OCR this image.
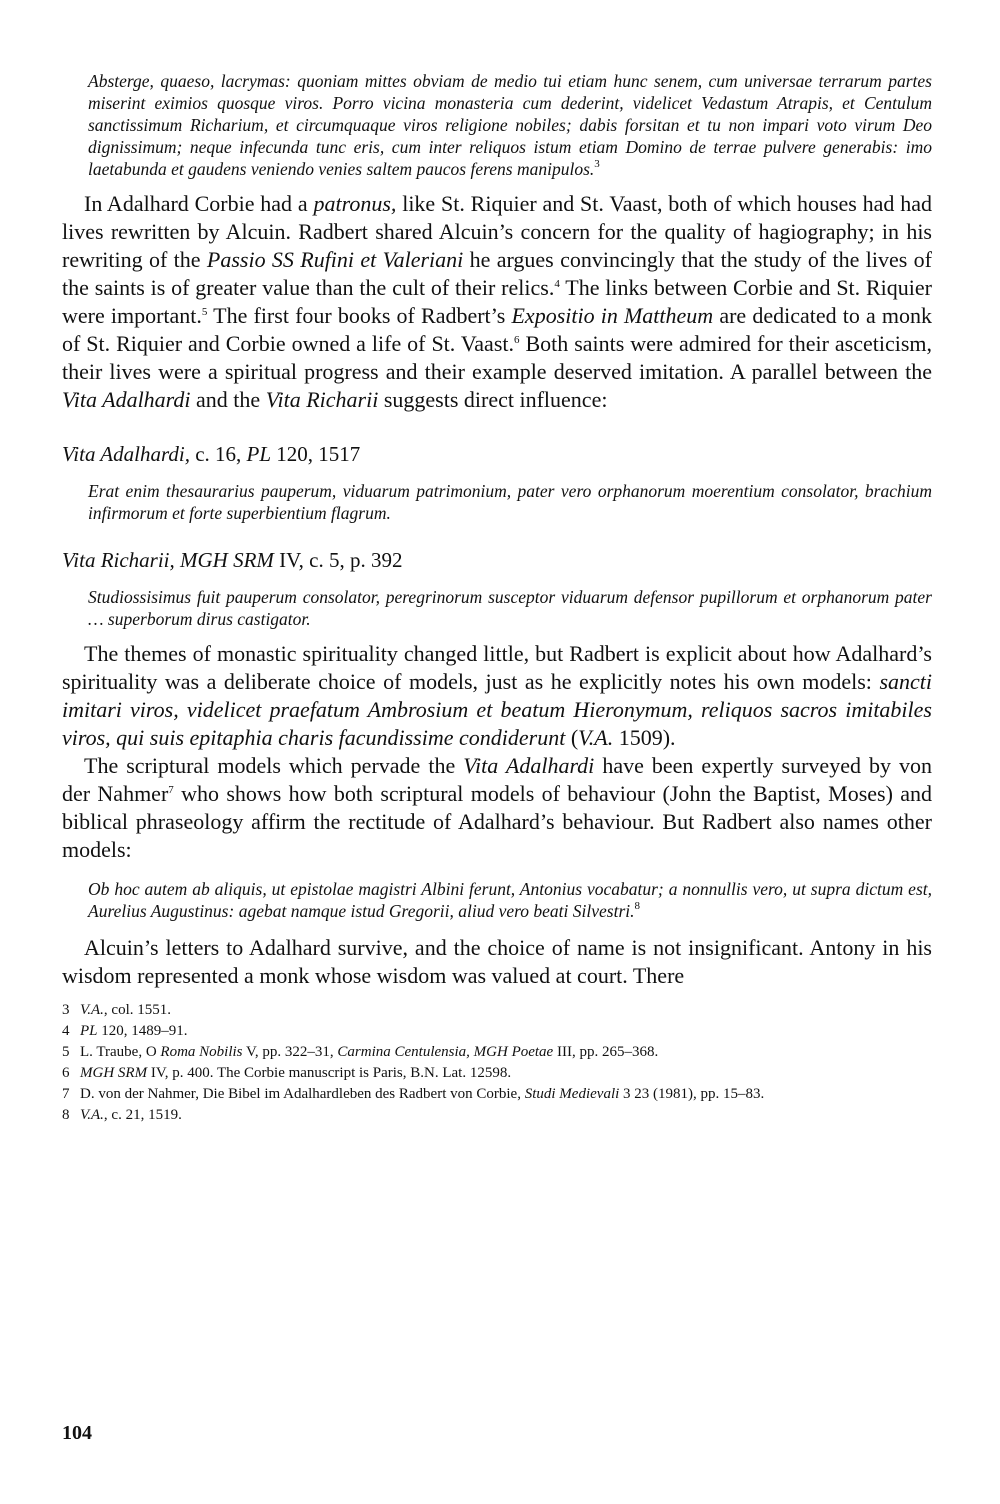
Absterge, quaeso, lacrymas: quoniam mittes obviam de medio tui etiam hunc senem, cum universae terrarum partes miserint eximios quosque viros. Porro vicina monasteria cum dederint, videlicet Vedastum Atrapis, et Centulum sanctissimum Richarium, et circumquaque viros religione nobiles; dabis forsitan et tu non impari voto virum Deo dignissimum; neque infecunda tunc eris, cum inter reliquos istum etiam Domino de terrae pulvere generabis: imo laetabunda et gaudens veniendo venies saltem paucos ferens manipulos.$^3$

In Adalhard Corbie had a patronus, like St. Riquier and St. Vaast, both of which houses had had lives rewritten by Alcuin. Radbert shared Alcuin’s concern for the quality of hagiography; in his rewriting of the Passio SS Rufini et Valeriani he argues convincingly that the study of the lives of the saints is of greater value than the cult of their relics.$^4$ The links between Corbie and St. Riquier were important.$^5$ The first four books of Radbert’s Expositio in Mattheum are dedicated to a monk of St. Riquier and Corbie owned a life of St. Vaast.$^6$ Both saints were admired for their asceticism, their lives were a spiritual progress and their example deserved imitation. A parallel between the Vita Adalhardi and the Vita Richarii suggests direct influence:

Vita Adalhardi, c. 16, PL 120, 1517

Erat enim thesaurarius pauperum, viduarum patrimonium, pater vero orphanorum moerentium consolator, brachium infirmorum et forte superbientium flagrum.

Vita Richarii, MGH SRM IV, c. 5, p. 392

Studiossisimus fuit pauperum consolator, peregrinorum susceptor viduarum defensor pupillorum et orphanorum pater … superborum dirus castigator.

The themes of monastic spirituality changed little, but Radbert is explicit about how Adalhard’s spirituality was a deliberate choice of models, just as he explicitly notes his own models: sancti imitari viros, videlicet praefatum Ambrosium et beatum Hieronymum, reliquos sacros imitabiles viros, qui suis epitaphia charis facundissime condiderunt (V.A. 1509).

The scriptural models which pervade the Vita Adalhardi have been expertly surveyed by von der Nahmer$^7$ who shows how both scriptural models of behaviour (John the Baptist, Moses) and biblical phraseology affirm the rectitude of Adalhard’s behaviour. But Radbert also names other models:

Ob hoc autem ab aliquis, ut epistolae magistri Albini ferunt, Antonius vocabatur; a nonnullis vero, ut supra dictum est, Aurelius Augustinus: agebat namque istud Gregorii, aliud vero beati Silvestri.$^8$

Alcuin’s letters to Adalhard survive, and the choice of name is not insignificant. Antony in his wisdom represented a monk whose wisdom was valued at court. There

3 V.A., col. 1551.

4 PL 120, 1489–91.

5 L. Traube, O Roma Nobilis V, pp. 322–31, Carmina Centulensia, MGH Poetae III, pp. 265–368.

6 MGH SRM IV, p. 400. The Corbie manuscript is Paris, B.N. Lat. 12598.

7 D. von der Nahmer, Die Bibel im Adalhardleben des Radbert von Corbie, Studi Medievali 3 23 (1981), pp. 15–83.

8 V.A., c. 21, 1519.

104
